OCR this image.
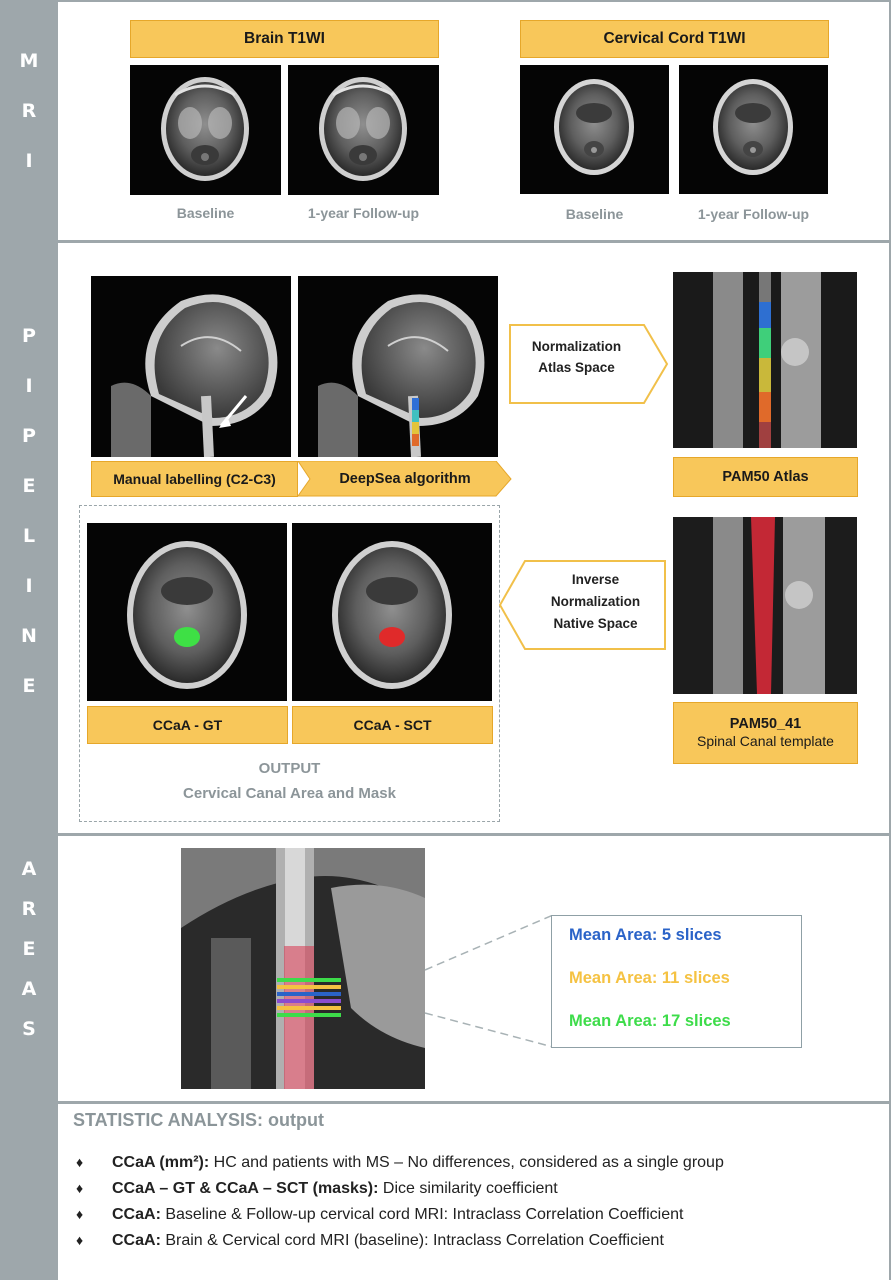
M
R
I
P
I
P
E
L
I
N
E
A
R
E
A
S
Brain T1WI	Cervical Cord T1WI
Baseline	1-year Follow-up	Baseline	1-year Follow-up
Manual labelling (C2-C3)	DeepSea algorithm
Normalization
Atlas Space
PAM50 Atlas
CCaA - GT	CCaA - SCT
OUTPUT
Cervical Canal Area and Mask
Inverse
Normalization
Native Space
PAM50_41
Spinal Canal template
Mean Area: 5 slices
Mean Area: 11 slices
Mean Area: 17 slices
STATISTIC ANALYSIS: output
♦ CCaA (mm²): HC and patients with MS – No differences, considered as a single group
♦ CCaA – GT & CCaA – SCT (masks): Dice similarity coefficient
♦ CCaA: Baseline & Follow-up cervical cord MRI: Intraclass Correlation Coefficient
♦ CCaA: Brain & Cervical cord MRI (baseline): Intraclass Correlation Coefficient
